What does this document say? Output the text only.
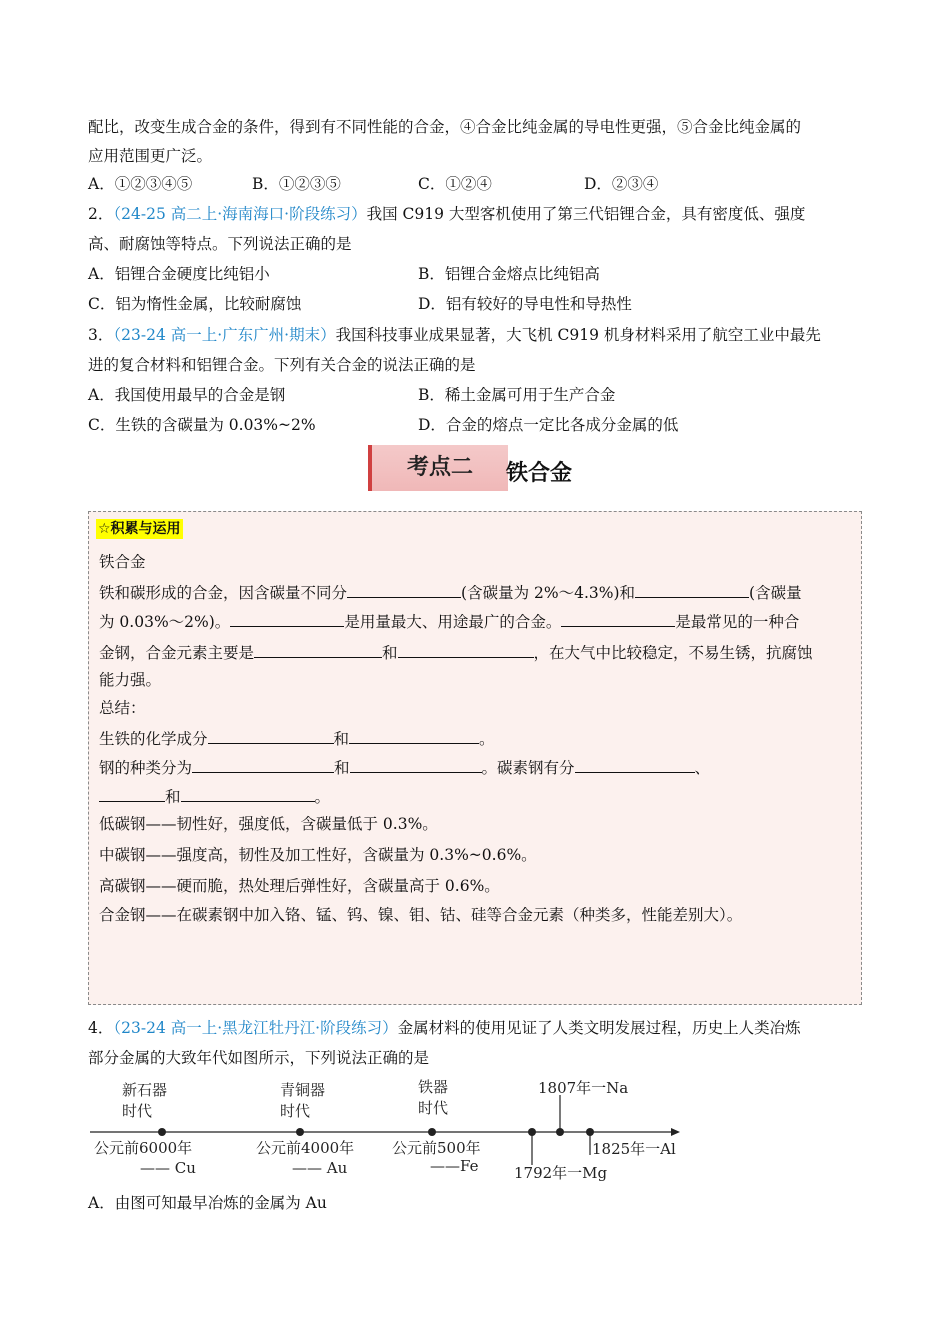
配比，改变生成合金的条件，得到有不同性能的合金，④合金比纯金属的导电性更强，⑤合金比纯金属的
应用范围更广泛。
A．①②③④⑤	B．①②③⑤	C．①②④	D．②③④
2．（24-25 高二上·海南海口·阶段练习）我国 C919 大型客机使用了第三代铝锂合金，具有密度低、强度
高、耐腐蚀等特点。下列说法正确的是
A．铝锂合金硬度比纯铝小	B．铝锂合金熔点比纯铝高
C．铝为惰性金属，比较耐腐蚀	D．铝有较好的导电性和导热性
3．（23-24 高一上·广东广州·期末）我国科技事业成果显著，大飞机 C919 机身材料采用了航空工业中最先
进的复合材料和铝锂合金。下列有关合金的说法正确的是
A．我国使用最早的合金是钢	B．稀土金属可用于生产合金
C．生铁的含碳量为 0.03%~2%	D．合金的熔点一定比各成分金属的低
考点二	铁合金
☆积累与运用
铁合金
铁和碳形成的合金，因含碳量不同分	(含碳量为 2%～4.3%)和	(含碳量
为 0.03%～2%)。	是用量最大、用途最广的合金。	是最常见的一种合
金钢，合金元素主要是	和	，在大气中比较稳定，不易生锈，抗腐蚀
能力强。
总结：
生铁的化学成分	和	。
钢的种类分为	和	。碳素钢有分	、
和	。
低碳钢——韧性好，强度低，含碳量低于 0.3%。
中碳钢——强度高，韧性及加工性好，含碳量为 0.3%~0.6%。
高碳钢——硬而脆，热处理后弹性好，含碳量高于 0.6%。
合金钢——在碳素钢中加入铬、锰、钨、镍、钼、钴、硅等合金元素（种类多，性能差别大）。
4．（23-24 高一上·黑龙江牡丹江·阶段练习）金属材料的使用见证了人类文明发展过程，历史上人类冶炼
部分金属的大致年代如图所示，下列说法正确的是
新石器
时代
青铜器
时代
铁器
时代
公元前6000年
—— Cu
公元前4000年
—— Au
公元前500年
——Fe
1807年一Na
1792年一Mg
1825年一Al
A．由图可知最早冶炼的金属为 Au
